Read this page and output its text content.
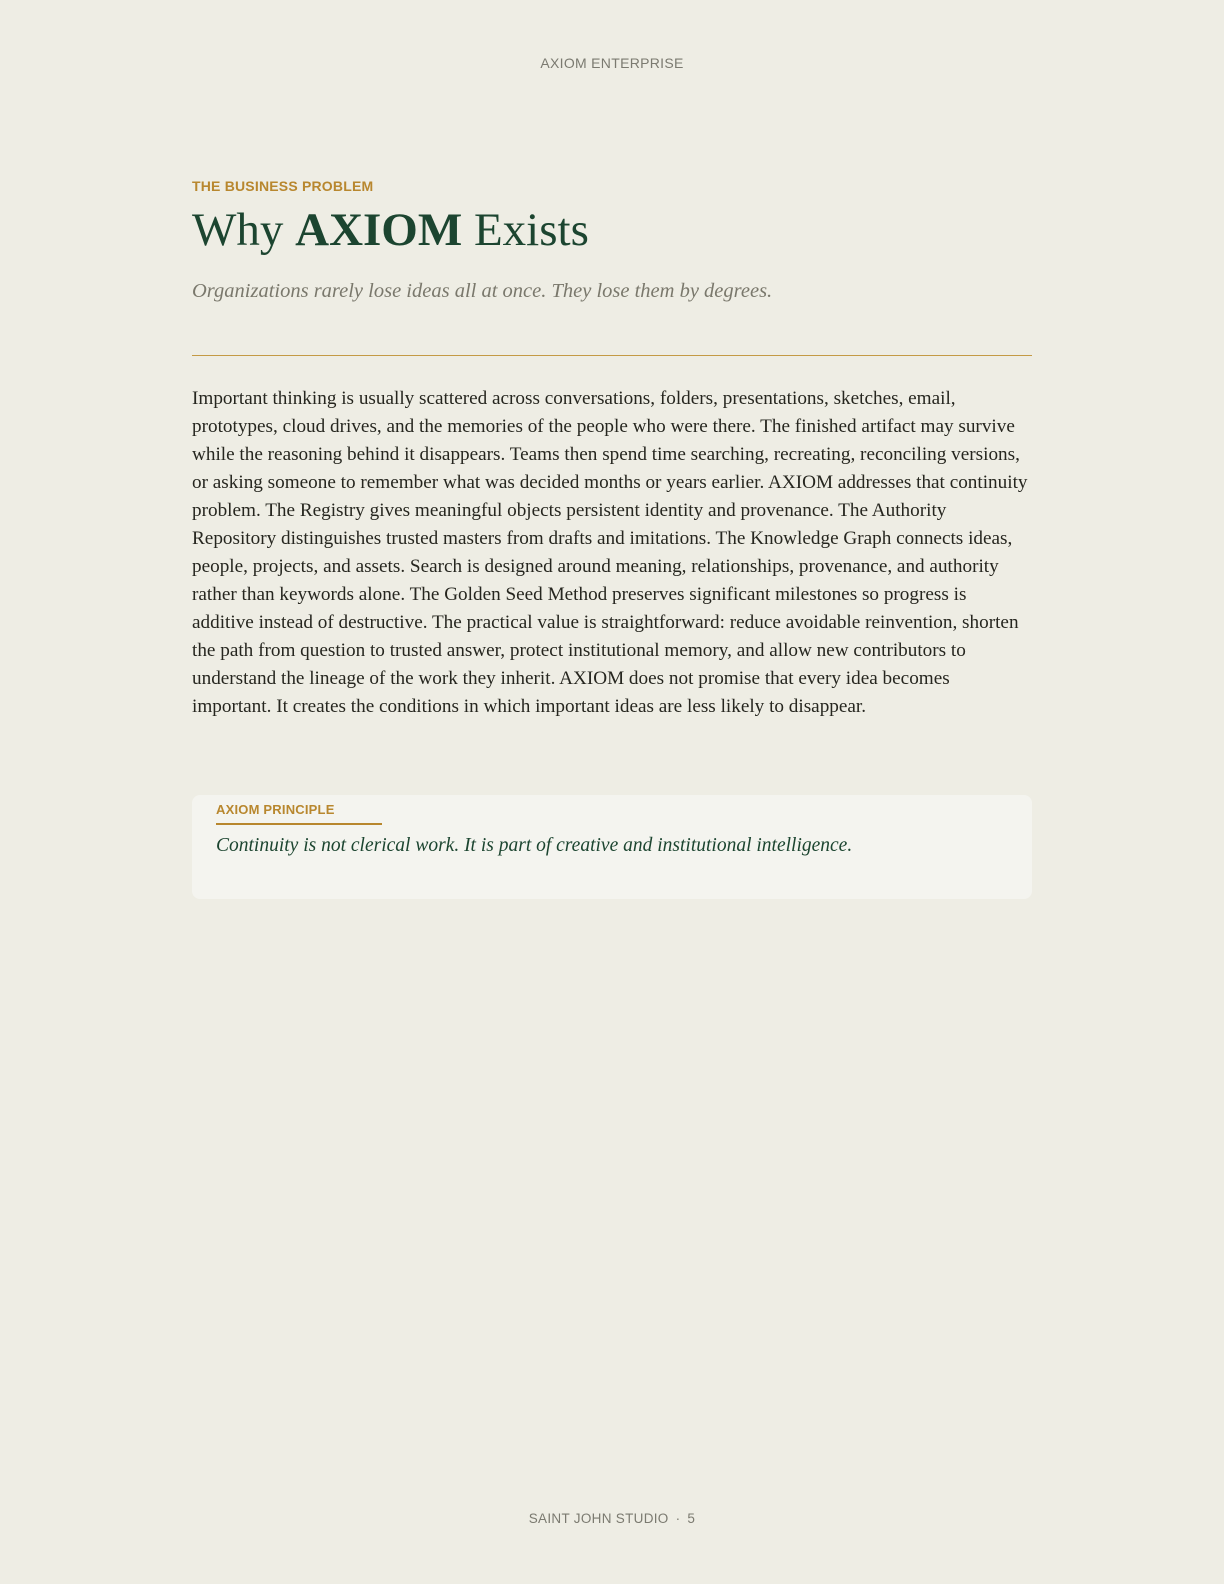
AXIOM ENTERPRISE
THE BUSINESS PROBLEM
Why AXIOM Exists
Organizations rarely lose ideas all at once. They lose them by degrees.

Important thinking is usually scattered across conversations, folders, presentations, sketches, email, prototypes, cloud drives, and the memories of the people who were there. The finished artifact may survive while the reasoning behind it disappears. Teams then spend time searching, recreating, reconciling versions, or asking someone to remember what was decided months or years earlier. AXIOM addresses that continuity problem. The Registry gives meaningful objects persistent identity and provenance. The Authority Repository distinguishes trusted masters from drafts and imitations. The Knowledge Graph connects ideas, people, projects, and assets. Search is designed around meaning, relationships, provenance, and authority rather than keywords alone. The Golden Seed Method preserves significant milestones so progress is additive instead of destructive. The practical value is straightforward: reduce avoidable reinvention, shorten the path from question to trusted answer, protect institutional memory, and allow new contributors to understand the lineage of the work they inherit. AXIOM does not promise that every idea becomes important. It creates the conditions in which important ideas are less likely to disappear.

AXIOM PRINCIPLE
Continuity is not clerical work. It is part of creative and institutional intelligence.
SAINT JOHN STUDIO · 5
